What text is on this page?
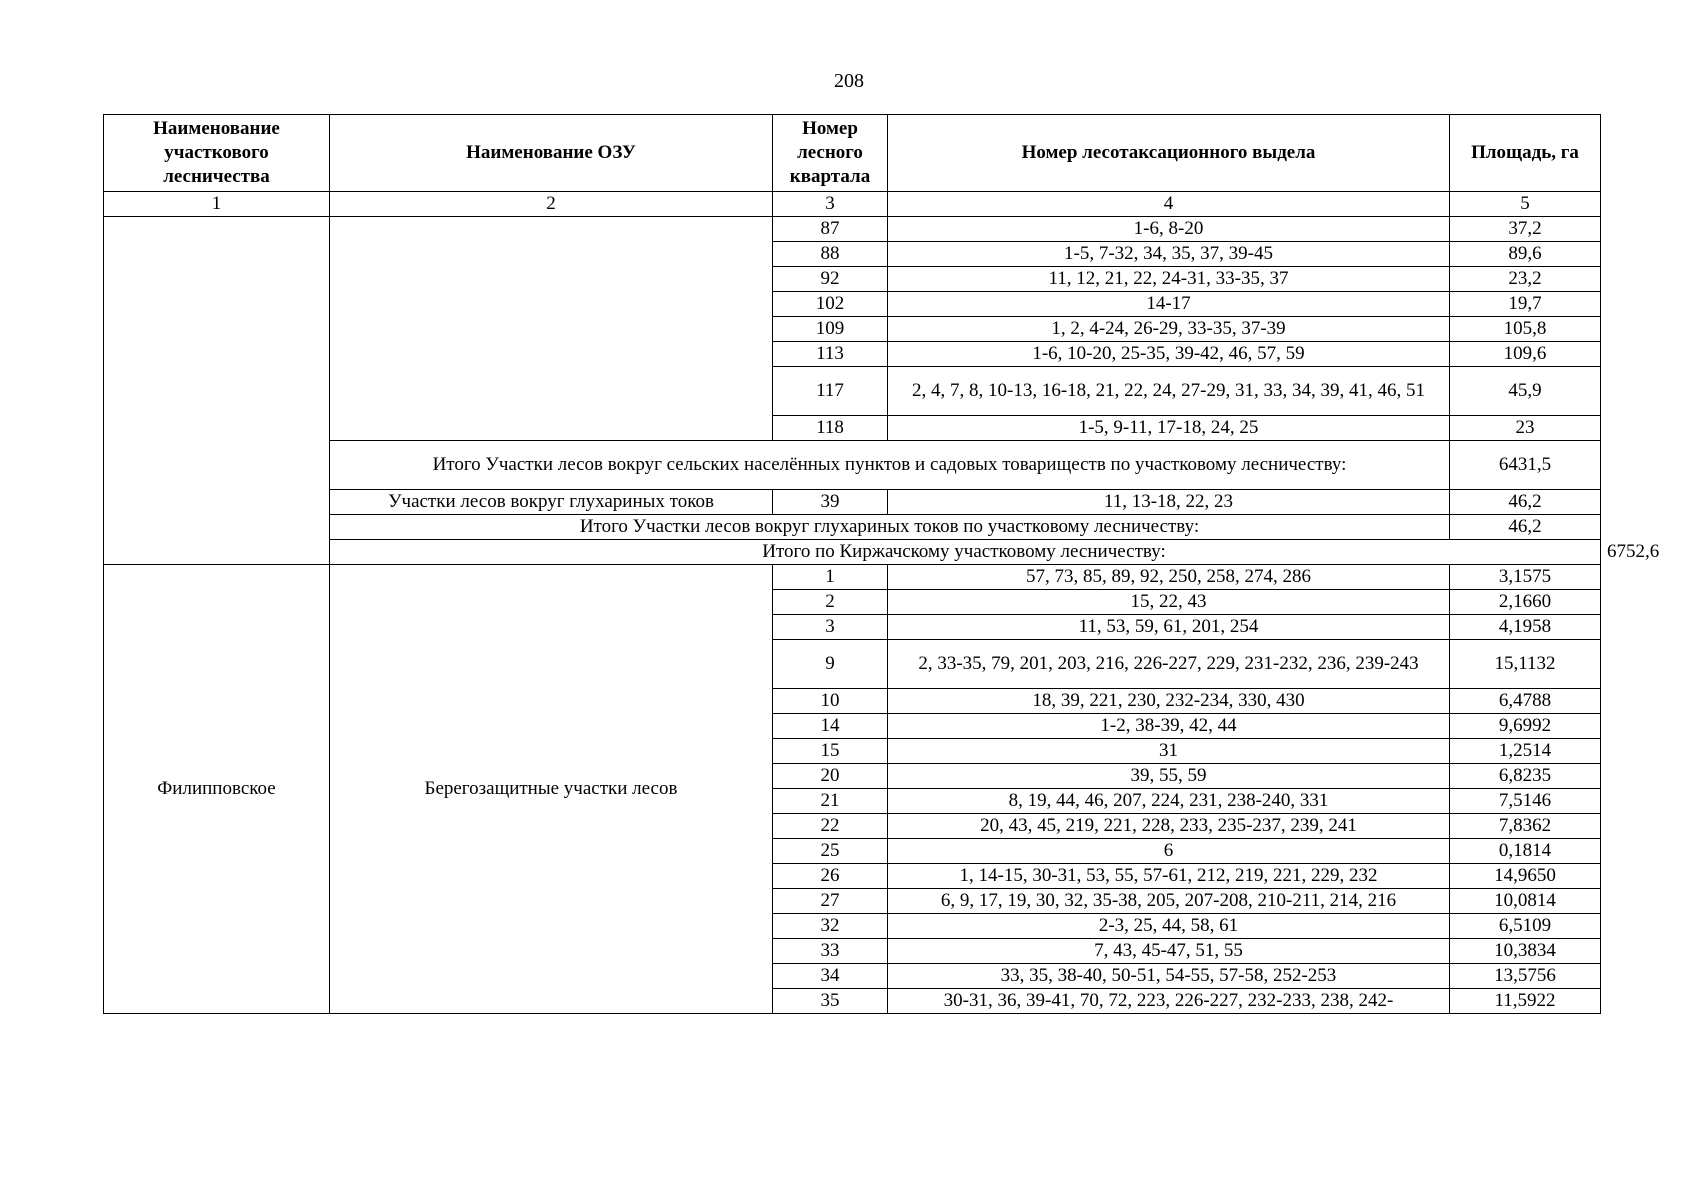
208
Наименование участкового лесничества	Наименование ОЗУ	Номер лесного квартала	Номер лесотаксационного выдела	Площадь, га	
1	2	3	4	5	
		87	1-6, 8-20	37,2	
		88	1-5, 7-32, 34, 35, 37, 39-45	89,6	
		92	11, 12, 21, 22, 24-31, 33-35, 37	23,2	
		102	14-17	19,7	
		109	1, 2, 4-24, 26-29, 33-35, 37-39	105,8	
		113	1-6, 10-20, 25-35, 39-42, 46, 57, 59	109,6	
		117	2, 4, 7, 8, 10-13, 16-18, 21, 22, 24, 27-29, 31, 33, 34, 39, 41, 46, 51	45,9	
		118	1-5, 9-11, 17-18, 24, 25	23	
	Итого Участки лесов вокруг сельских населённых пунктов и садовых товариществ по участковому лесничеству:			6431,5	
	Участки лесов вокруг глухариных токов	39	11, 13-18, 22, 23	46,2	
	Итого Участки лесов вокруг глухариных токов по участковому лесничеству:			46,2	
	Итого по Киржачскому участковому лесничеству:				6752,6
Филипповское	Берегозащитные участки лесов	1	57, 73, 85, 89, 92, 250, 258, 274, 286	3,1575	
		2	15, 22, 43	2,1660	
		3	11, 53, 59, 61, 201, 254	4,1958	
		9	2, 33-35, 79, 201, 203, 216, 226-227, 229, 231-232, 236, 239-243	15,1132	
		10	18, 39, 221, 230, 232-234, 330, 430	6,4788	
		14	1-2, 38-39, 42, 44	9,6992	
		15	31	1,2514	
		20	39, 55, 59	6,8235	
		21	8, 19, 44, 46, 207, 224, 231, 238-240, 331	7,5146	
		22	20, 43, 45, 219, 221, 228, 233, 235-237, 239, 241	7,8362	
		25	6	0,1814	
		26	1, 14-15, 30-31, 53, 55, 57-61, 212, 219, 221, 229, 232	14,9650	
		27	6, 9, 17, 19, 30, 32, 35-38, 205, 207-208, 210-211, 214, 216	10,0814	
		32	2-3, 25, 44, 58, 61	6,5109	
		33	7, 43, 45-47, 51, 55	10,3834	
		34	33, 35, 38-40, 50-51, 54-55, 57-58, 252-253	13,5756	
		35	30-31, 36, 39-41, 70, 72, 223, 226-227, 232-233, 238, 242-	11,5922	
